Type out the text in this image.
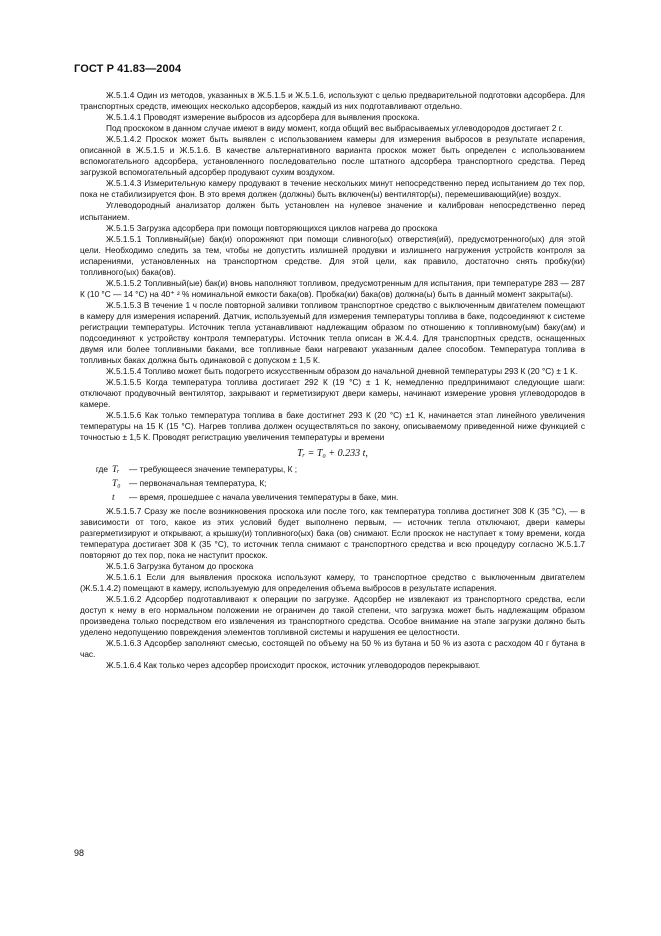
ГОСТ Р 41.83—2004

Ж.5.1.4 Один из методов, указанных в Ж.5.1.5 и Ж.5.1.6, используют с целью предварительной подготовки адсорбера. Для транспортных средств, имеющих несколько адсорберов, каждый из них подготавливают отдельно.

Ж.5.1.4.1 Проводят измерение выбросов из адсорбера для выявления проскока.

Под проскоком в данном случае имеют в виду момент, когда общий вес выбрасываемых углеводородов достигает 2 г.

Ж.5.1.4.2 Проскок может быть выявлен с использованием камеры для измерения выбросов в результате испарения, описанной в Ж.5.1.5 и Ж.5.1.6. В качестве альтернативного варианта проскок может быть определен с использованием вспомогательного адсорбера, установленного последовательно после штатного адсорбера транспортного средства. Перед загрузкой вспомогательный адсорбер продувают сухим воздухом.

Ж.5.1.4.3 Измерительную камеру продувают в течение нескольких минут непосредственно перед испытанием до тех пор, пока не стабилизируется фон. В это время должен (должны) быть включен(ы) вентилятор(ы), перемешивающий(ие) воздух.

Углеводородный анализатор должен быть установлен на нулевое значение и калиброван непосредственно перед испытанием.

Ж.5.1.5 Загрузка адсорбера при помощи повторяющихся циклов нагрева до проскока

Ж.5.1.5.1 Топливный(ые) бак(и) опорожняют при помощи сливного(ых) отверстия(ий), предусмотренного(ых) для этой цели. Необходимо следить за тем, чтобы не допустить излишней продувки и излишнего нагружения устройств контроля за испарениями, установленных на транспортном средстве. Для этой цели, как правило, достаточно снять пробку(ки) топливного(ых) бака(ов).

Ж.5.1.5.2 Топливный(ые) бак(и) вновь наполняют топливом, предусмотренным для испытания, при температуре 283 — 287 К (10 °С — 14 °С) на 40⁺ ² % номинальной емкости бака(ов). Пробка(ки) бака(ов) должна(ы) быть в данный момент закрыта(ы).

Ж.5.1.5.3 В течение 1 ч после повторной заливки топливом транспортное средство с выключенным двигателем помещают в камеру для измерения испарений. Датчик, используемый для измерения температуры топлива в баке, подсоединяют к системе регистрации температуры. Источник тепла устанавливают надлежащим образом по отношению к топливному(ым) баку(ам) и подсоединяют к устройству контроля температуры. Источник тепла описан в Ж.4.4. Для транспортных средств, оснащенных двумя или более топливными баками, все топливные баки нагревают указанным далее способом. Температура топлива в топливных баках должна быть одинаковой с допуском ± 1,5 К.

Ж.5.1.5.4 Топливо может быть подогрето искусственным образом до начальной дневной температуры 293 К (20 °С) ± 1 К.

Ж.5.1.5.5 Когда температура топлива достигает 292 К (19 °С) ± 1 К, немедленно предпринимают следующие шаги: отключают продувочный вентилятор, закрывают и герметизируют двери камеры, начинают измерение уровня углеводородов в камере.

Ж.5.1.5.6 Как только температура топлива в баке достигнет 293 К (20 °С) ±1 К, начинается этап линейного увеличения температуры на 15 К (15 °С). Нагрев топлива должен осуществляться по закону, описываемому приведенной ниже функцией с точностью ± 1,5 К. Проводят регистрацию увеличения температуры и времени

Tᵣ = T₀ + 0.233 t,
где Tᵣ	— требующееся значение температуры, К ;
T₀	— первоначальная температура, К;
t	— время, прошедшее с начала увеличения температуры в баке, мин.

Ж.5.1.5.7 Сразу же после возникновения проскока или после того, как температура топлива достигнет 308 К (35 °С), — в зависимости от того, какое из этих условий будет выполнено первым, — источник тепла отключают, двери камеры разгерметизируют и открывают, а крышку(и) топливного(ых) бака (ов) снимают. Если проскок не наступает к тому времени, когда температура достигает 308 К (35 °С), то источник тепла снимают с транспортного средства и всю процедуру согласно Ж.5.1.7 повторяют до тех пор, пока не наступит проскок.

Ж.5.1.6 Загрузка бутаном до проскока

Ж.5.1.6.1 Если для выявления проскока используют камеру, то транспортное средство с выключенным двигателем (Ж.5.1.4.2) помещают в камеру, используемую для определения объема выбросов в результате испарения.

Ж.5.1.6.2 Адсорбер подготавливают к операции по загрузке. Адсорбер не извлекают из транспортного средства, если доступ к нему в его нормальном положении не ограничен до такой степени, что загрузка может быть надлежащим образом произведена только посредством его извлечения из транспортного средства. Особое внимание на этапе загрузки должно быть уделено недопущению повреждения элементов топливной системы и нарушения ее целостности.

Ж.5.1.6.3 Адсорбер заполняют смесью, состоящей по объему на 50 % из бутана и 50 % из азота с расходом 40 г бутана в час.

Ж.5.1.6.4 Как только через адсорбер происходит проскок, источник углеводородов перекрывают.

98
